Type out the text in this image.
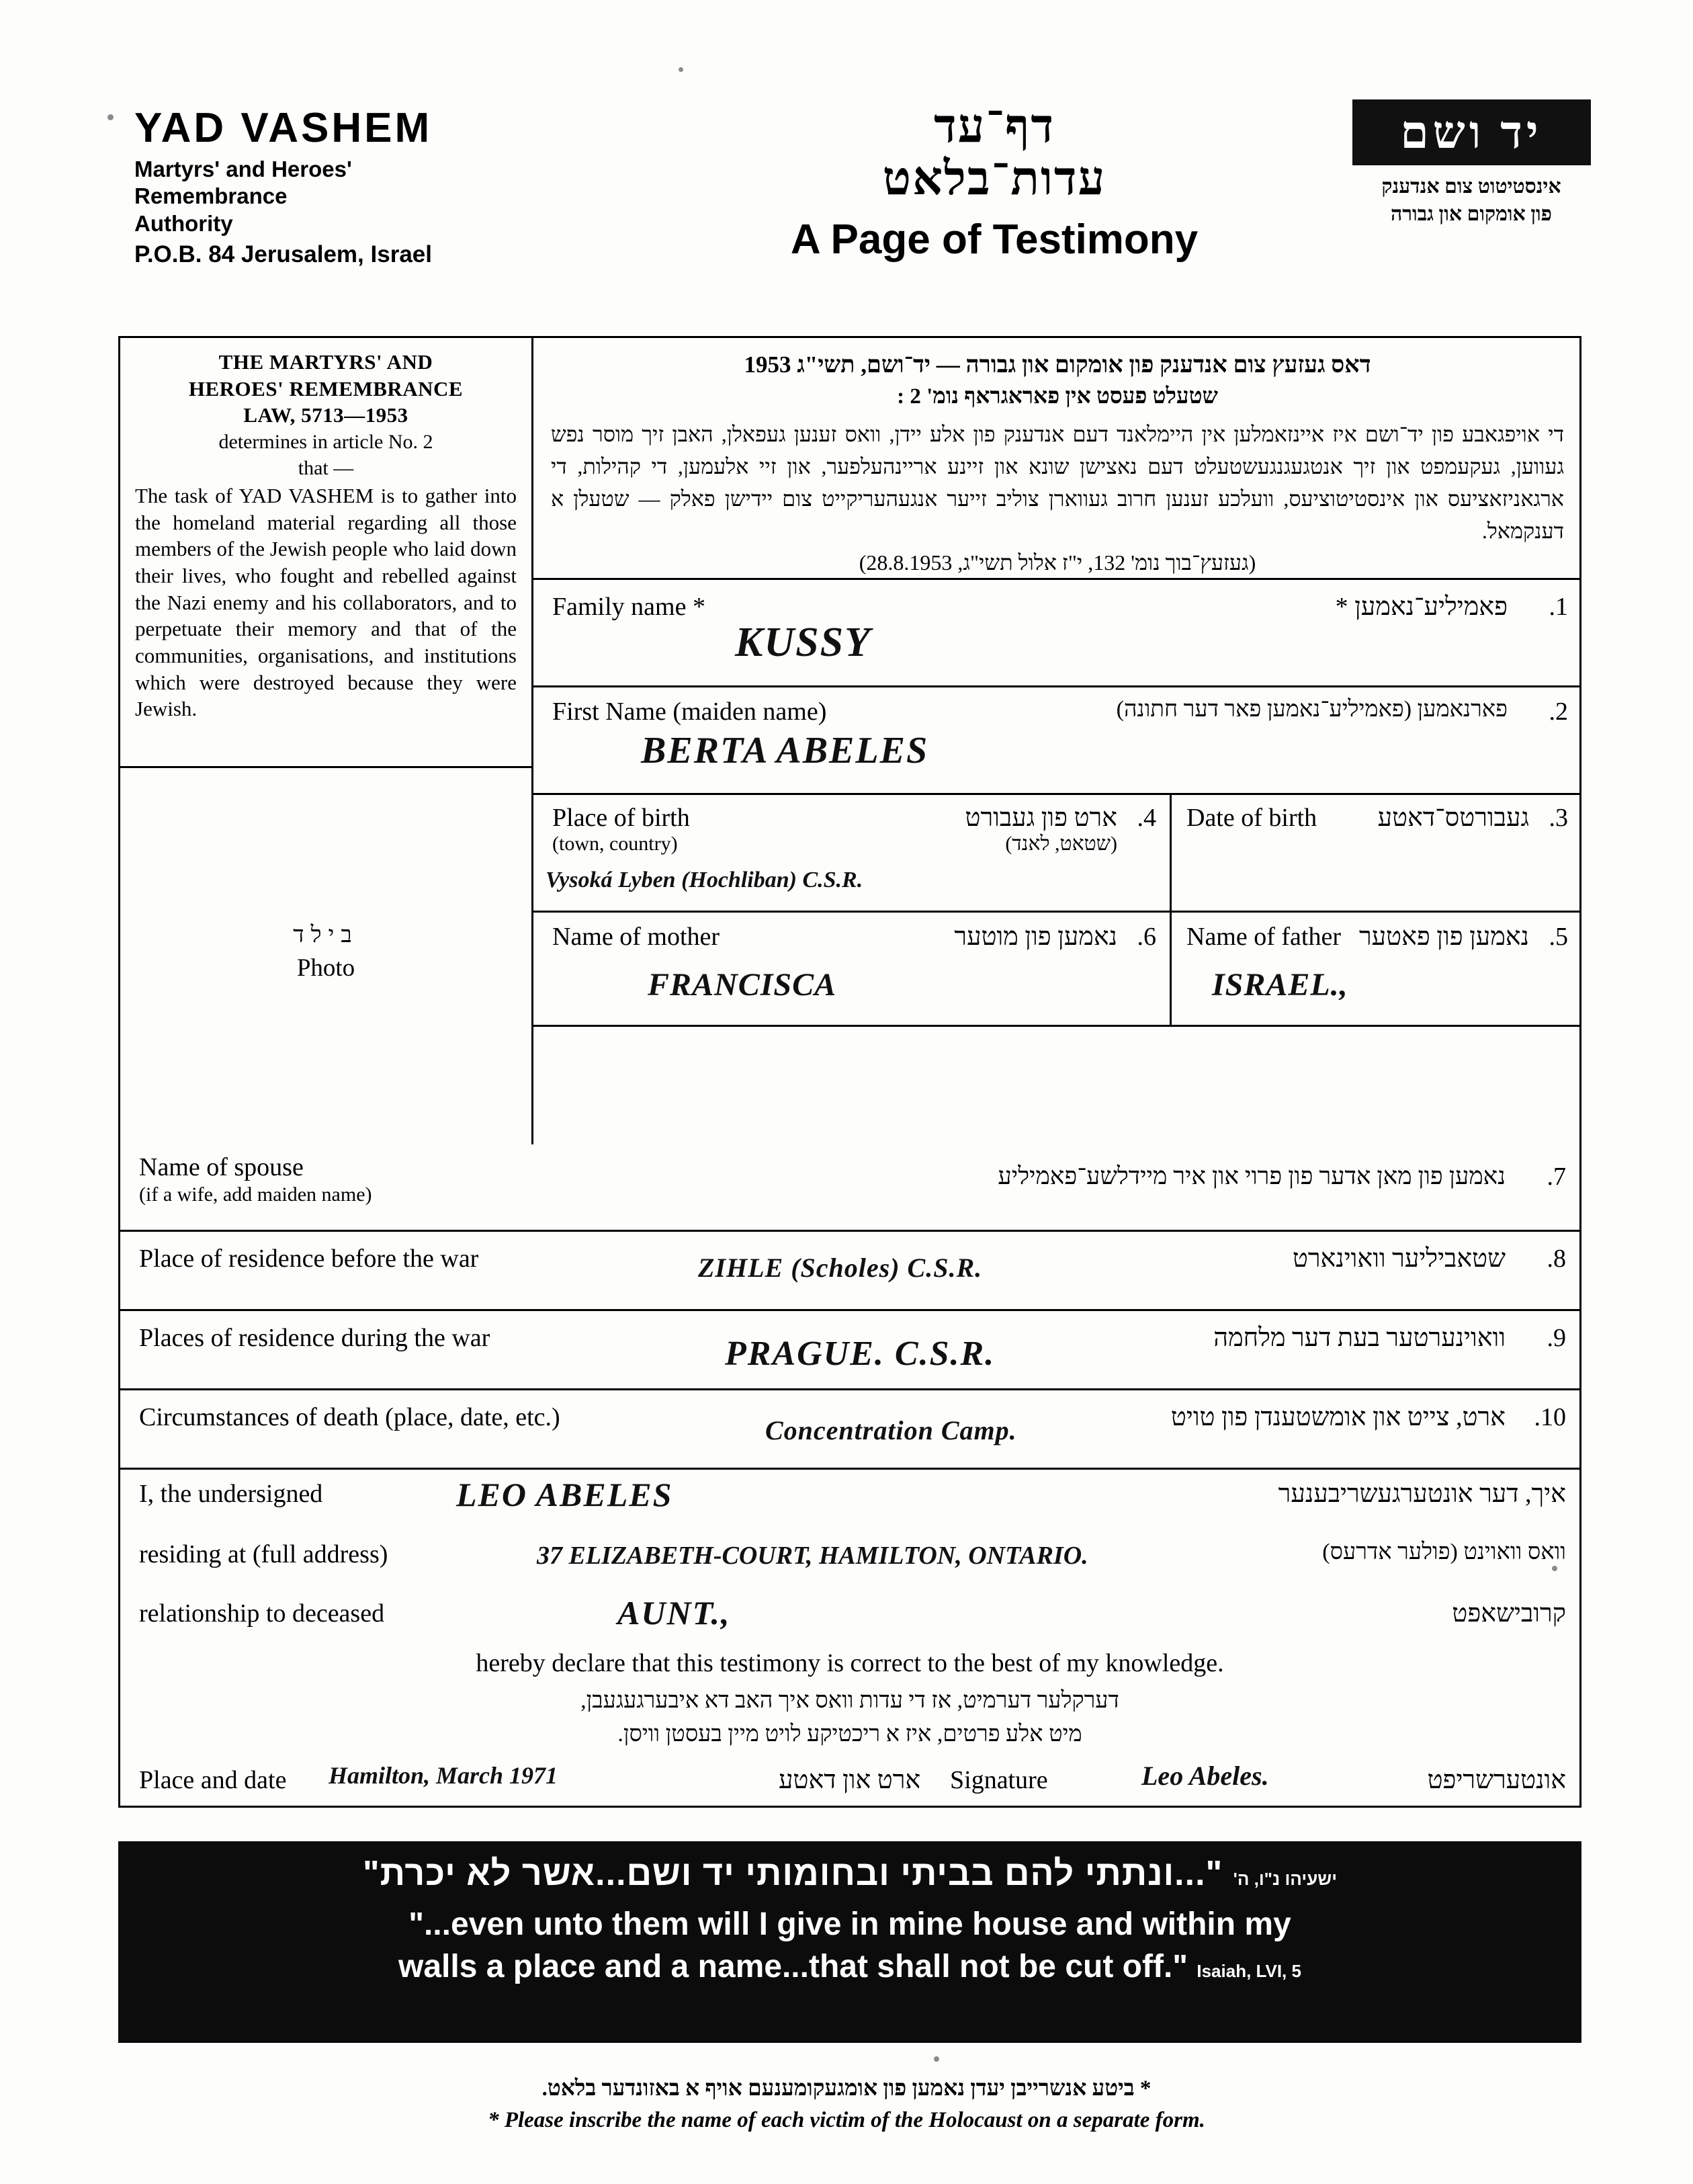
YAD VASHEM
Martyrs' and Heroes'
Remembrance
Authority
P.O.B. 84 Jerusalem, Israel
דף־עד
עדות־בלאט
A Page of Testimony
יד ושם
אינסטיטוט צום אנדענק
פון אומקום און גבורה
THE MARTYRS' AND
HEROES' REMEMBRANCE
LAW, 5713—1953
determines in article No. 2
that —
The task of YAD VASHEM is to gather into the homeland material regarding all those members of the Jewish people who laid down their lives, who fought and rebelled against the Nazi enemy and his collaborators, and to perpetuate their memory and that of the communities, organisations, and institutions which were destroyed because they were Jewish.
בילד
Photo
דאס געזעץ צום אנדענק פון אומקום און גבורה — יד־ושם, תשי"ג 1953
שטעלט פעסט אין פאראגראף נומ' 2 :
די אויפגאבע פון יד־ושם איז איינזאמלען אין היימלאנד דעם אנדענק פון אלע יידן, וואס זענען געפאלן, האבן זיך מוסר נפש געווען, געקעמפט און זיך אנטגעגנגעשטעלט דעם נאצישן שונא און זיינע אריינהעלפער, און זיי אלעמען, די קהילות, די ארגאניזאציעס און אינסטיטוציעס, וועלכע זענען חרוב געווארן צוליב זייער אנגעהעריקייט צום יידישן פאלק — שטעלן א דענקמאל.
(געזעץ־בוך נומ' 132, י"ז אלול תשי"ג, 28.8.1953)
Family name *	פאמיליע־נאמען * 1.
KUSSY
First Name (maiden name)	פארנאמען (פאמיליע־נאמען פאר דער חתונה) 2.
BERTA ABELES
Place of birth
(town, country)
ארט פון געבורט
(שטאט, לאנד)
4.
Vysoká Lyben (Hochliban) C.S.R.
Date of birth געבורטס־דאטע 3.
Name of mother	נאמען פון מוטער 6.
FRANCISCA
Name of father נאמען פון פאטער 5.
ISRAEL.,
Name of spouse
(if a wife, add maiden name)
נאמען פון מאן אדער פון פרוי און איר מיידלשע־פאמיליע 7.
Place of residence before the war	שטאביליער וואוינארט 8.
ZIHLE (Scholes) C.S.R.
Places of residence during the war	וואוינערטער בעת דער מלחמה 9.
PRAGUE. C.S.R.
Circumstances of death (place, date, etc.)	ארט, צייט און אומשטענדן פון טויט 10.
Concentration Camp.
I, the undersigned	איך, דער אונטערגעשריבענער
LEO ABELES
residing at (full address)	וואס וואוינט (פולער אדרעס)
37 ELIZABETH-COURT, HAMILTON, ONTARIO.
relationship to deceased	קרובישאפט
AUNT.,
hereby declare that this testimony is correct to the best of my knowledge.
דערקלער דערמיט, אז די עדות וואס איך האב דא איבערגעגעבן,
מיט אלע פרטים, איז א ריכטיקע לויט מיין בעסטן וויסן.
Place and date Hamilton, March 1971	ארט און דאטע Signature	Leo Abeles.	אונטערשריפט
ישעיהו נ"ו, ה' "...ונתתי להם בביתי ובחומותי יד ושם...אשר לא יכרת"
"...even unto them will I give in mine house and within my
walls a place and a name...that shall not be cut off." Isaiah, LVI, 5
* ביטע אנשרייבן יעדן נאמען פון אומגעקומענעם אויף א באזונדער בלאט.
* Please inscribe the name of each victim of the Holocaust on a separate form.
